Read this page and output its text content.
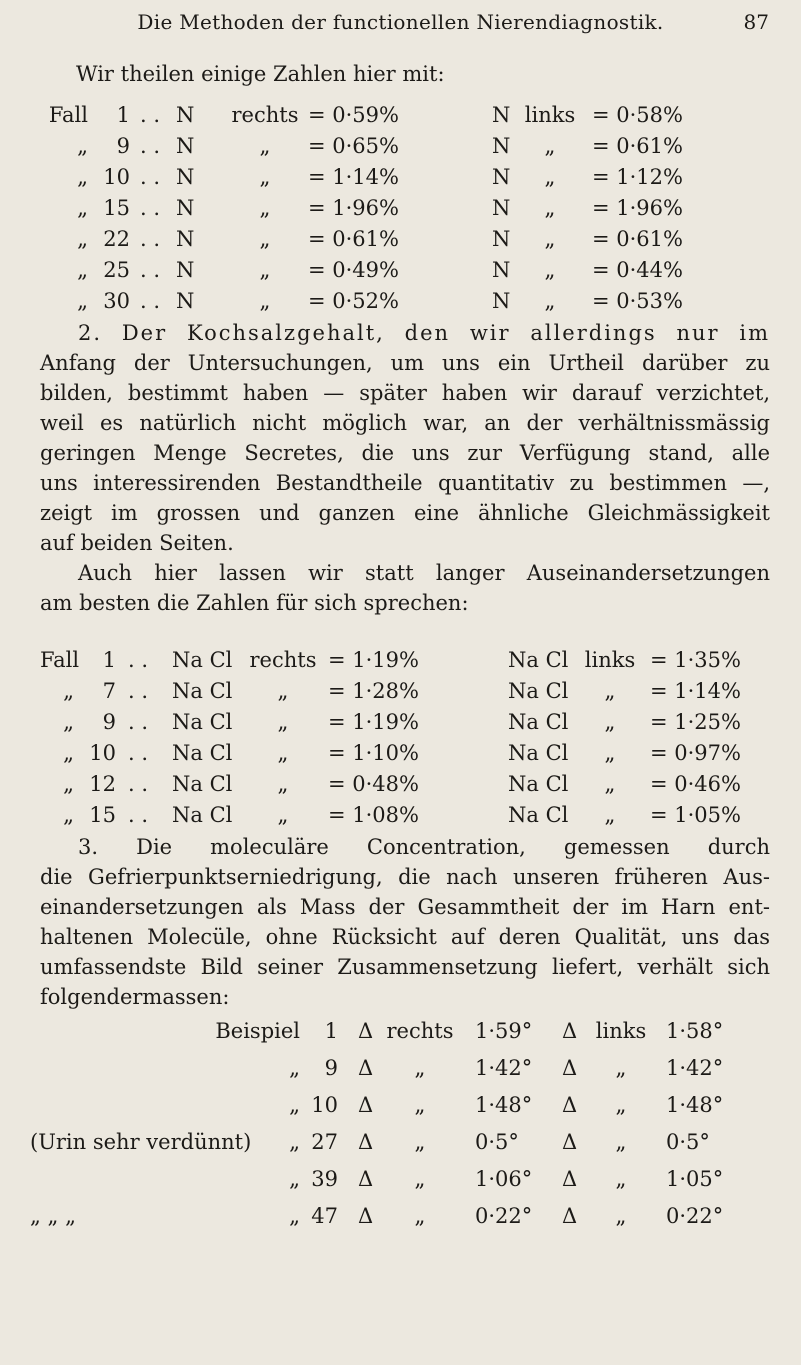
Die Methoden der functionellen Nierendiagnostik.	87
Wir theilen einige Zahlen hier mit:
Fall	1 . . N rechts = 0·59%	N links = 0·58%
„	9 . . N	„	= 0·65%	N	„	= 0·61%
„ 10 . . N	„	= 1·14%	N	„	= 1·12%
„ 15 . . N	„	= 1·96%	N	„	= 1·96%
„ 22 . . N	„	= 0·61%	N	„	= 0·61%
„ 25 . . N	„	= 0·49%	N	„	= 0·44%
„ 30 . . N	„	= 0·52%	N	„	= 0·53%
2. Der Kochsalzgehalt, den wir allerdings nur im
Anfang der Untersuchungen, um uns ein Urtheil darüber zu
bilden, bestimmt haben — später haben wir darauf verzichtet,
weil es natürlich nicht möglich war, an der verhältnissmässig
geringen Menge Secretes, die uns zur Verfügung stand, alle
uns interessirenden Bestandtheile quantitativ zu bestimmen —,
zeigt im grossen und ganzen eine ähnliche Gleichmässigkeit
auf beiden Seiten.
Auch hier lassen wir statt langer Auseinandersetzungen
am besten die Zahlen für sich sprechen:
Fall	1 . . Na Cl rechts = 1·19%	Na Cl links = 1·35%
„	7 . . Na Cl	„	= 1·28%	Na Cl	„	= 1·14%
„	9 . . Na Cl	„	= 1·19%	Na Cl	„	= 1·25%
„ 10 . . Na Cl	„	= 1·10%	Na Cl	„	= 0·97%
„ 12 . . Na Cl	„	= 0·48%	Na Cl	„	= 0·46%
„ 15 . . Na Cl	„	= 1·08%	Na Cl	„	= 1·05%
3. Die moleculäre Concentration, gemessen durch
die Gefrierpunktserniedrigung, die nach unseren früheren Aus-
einandersetzungen als Mass der Gesammtheit der im Harn ent-
haltenen Molecüle, ohne Rücksicht auf deren Qualität, uns das
umfassendste Bild seiner Zusammensetzung liefert, verhält sich
folgendermassen:
Beispiel	1 Δ rechts 1·59° Δ links 1·58°
„	9 Δ	„	1·42° Δ	„	1·42°
„ 10 Δ	„	1·48° Δ	„	1·48°
(Urin sehr verdünnt)	„ 27 Δ	„	0·5° Δ	„	0·5°
„ 39 Δ	„	1·06° Δ	„	1·05°
„ „ „	„ 47 Δ	„	0·22° Δ	„	0·22°
